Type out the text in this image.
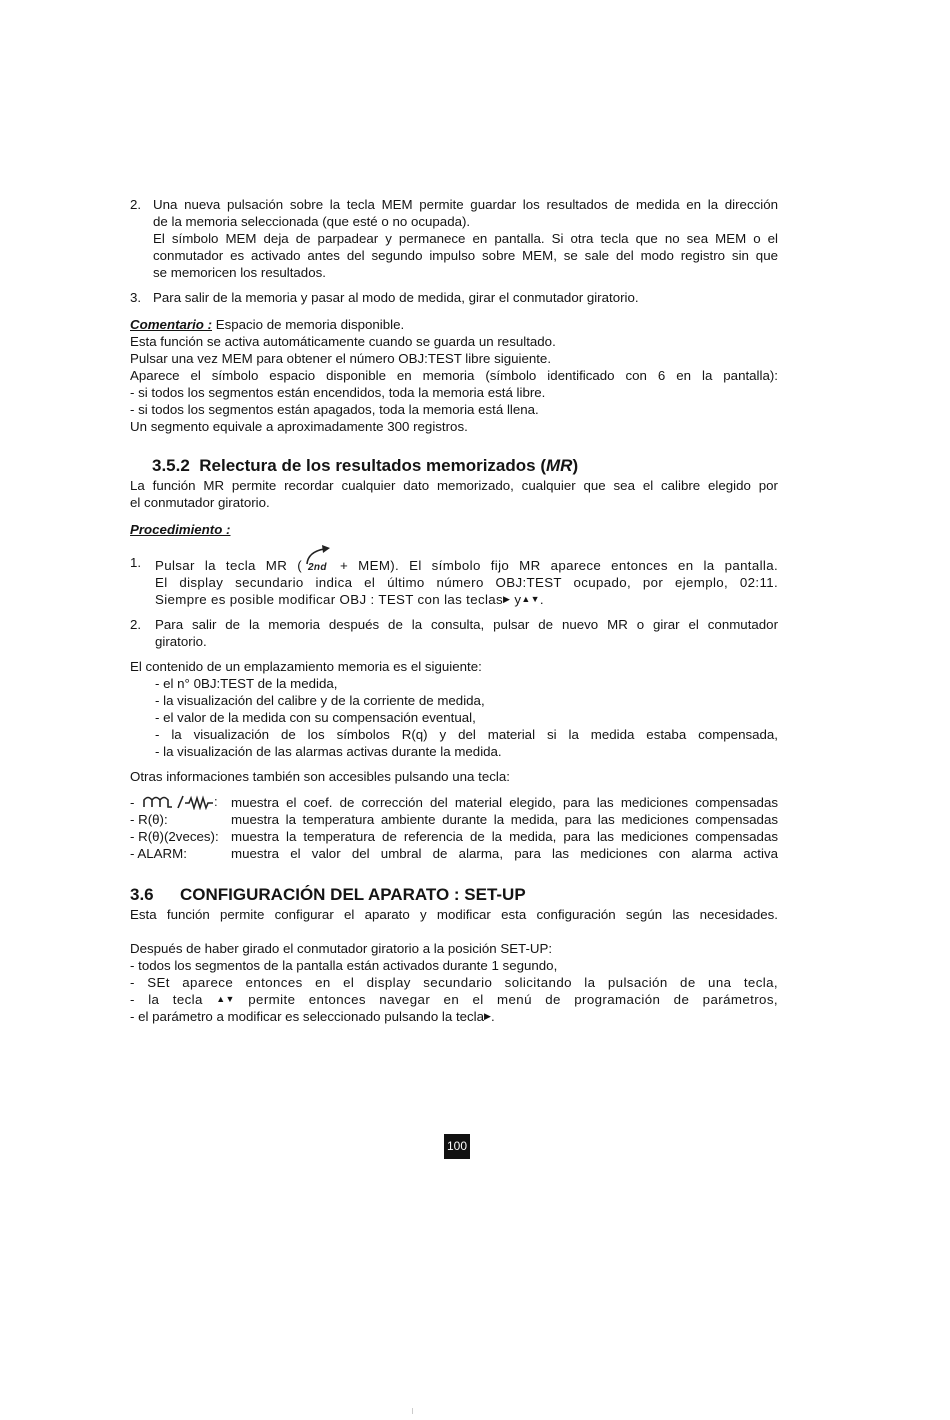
2. Una nueva pulsación sobre la tecla MEM permite guardar los resultados de medida en la dirección

de la memoria seleccionada (que esté o no ocupada).

El símbolo MEM deja de parpadear y permanece en pantalla. Si otra tecla que no sea MEM o el

conmutador es activado antes del segundo impulso sobre MEM, se sale del modo registro sin que

se memoricen los resultados.

3. Para salir de la memoria y pasar al modo de medida, girar el conmutador giratorio.

Comentario : Espacio de memoria disponible.

Esta función se activa automáticamente cuando se guarda un resultado.

Pulsar una vez MEM para obtener el número OBJ:TEST libre siguiente.

Aparece el símbolo espacio disponible en memoria (símbolo identificado con 6 en la pantalla):

- si todos los segmentos están encendidos, toda la memoria está libre.

- si todos los segmentos están apagados, toda la memoria está llena.

Un segmento equivale a aproximadamente 300 registros.

3.5.2 Relectura de los resultados memorizados (MR)

La función MR permite recordar cualquier dato memorizado, cualquier que sea el calibre elegido por

el conmutador giratorio.

Procedimiento :

1.	Pulsar la tecla MR ( 2nd + MEM). El símbolo fijo MR aparece entonces en la pantalla.

El display secundario indica el último número OBJ:TEST ocupado, por ejemplo, 02:11.

Siempre es posible modificar OBJ : TEST con las teclas▶ y▲▼.

2.	Para salir de la memoria después de la consulta, pulsar de nuevo MR o girar el conmutador

giratorio.

El contenido de un emplazamiento memoria es el siguiente:

- el n° 0BJ:TEST de la medida,

- la visualización del calibre y de la corriente de medida,

- el valor de la medida con su compensación eventual,

- la visualización de los símbolos R(q) y del material si la medida estaba compensada,

- la visualización de las alarmas activas durante la medida.

Otras informaciones también son accesibles pulsando una tecla:

-	: muestra el coef. de corrección del material elegido, para las mediciones compensadas
- R(θ):	muestra la temperatura ambiente durante la medida, para las mediciones compensadas
- R(θ)(2veces): muestra la temperatura de referencia de la medida, para las mediciones compensadas
- ALARM:	muestra el valor del umbral de alarma, para las mediciones con alarma activa
3.6 CONFIGURACIÓN DEL APARATO : SET-UP

Esta función permite configurar el aparato y modificar esta configuración según las necesidades.

Después de haber girado el conmutador giratorio a la posición SET-UP:

- todos los segmentos de la pantalla están activados durante 1 segundo,

- SEt aparece entonces en el display secundario solicitando la pulsación de una tecla,

- la tecla ▲▼ permite entonces navegar en el menú de programación de parámetros,

- el parámetro a modificar es seleccionado pulsando la tecla▶.

100
